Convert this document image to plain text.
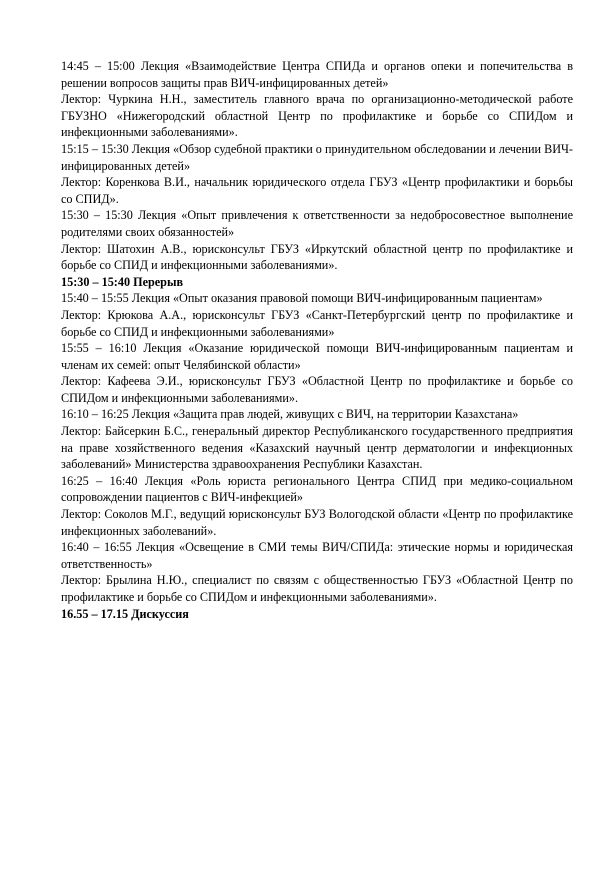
14:45 – 15:00 Лекция «Взаимодействие Центра СПИДа и органов опеки и попечительства в решении вопросов защиты прав ВИЧ-инфицированных детей»

Лектор: Чуркина Н.Н., заместитель главного врача по организационно-методической работе ГБУЗНО «Нижегородский областной Центр по профилактике и борьбе со СПИДом и инфекционными заболеваниями».

15:15 – 15:30 Лекция «Обзор судебной практики о принудительном обследовании и лечении ВИЧ-инфицированных детей»

Лектор: Коренкова В.И., начальник юридического отдела ГБУЗ «Центр профилактики и борьбы со СПИД».

15:30 – 15:30 Лекция «Опыт привлечения к ответственности за недобросовестное выполнение родителями своих обязанностей»

Лектор: Шатохин А.В., юрисконсульт ГБУЗ «Иркутский областной центр по профилактике и борьбе со СПИД и инфекционными заболеваниями».

15:30 – 15:40 Перерыв

15:40 – 15:55 Лекция «Опыт оказания правовой помощи ВИЧ-инфицированным пациентам»

Лектор: Крюкова А.А., юрисконсульт ГБУЗ «Санкт-Петербургский центр по профилактике и борьбе со СПИД и инфекционными заболеваниями»

15:55 – 16:10 Лекция «Оказание юридической помощи ВИЧ-инфицированным пациентам и членам их семей: опыт Челябинской области»

Лектор: Кафеева Э.И., юрисконсульт ГБУЗ «Областной Центр по профилактике и борьбе со СПИДом и инфекционными заболеваниями».

16:10 – 16:25 Лекция «Защита прав людей, живущих с ВИЧ, на территории Казахстана»

Лектор: Байсеркин Б.С., генеральный директор Республиканского государственного предприятия на праве хозяйственного ведения «Казахский научный центр дерматологии и инфекционных заболеваний» Министерства здравоохранения Республики Казахстан.

16:25 – 16:40 Лекция «Роль юриста регионального Центра СПИД при медико-социальном сопровождении пациентов с ВИЧ-инфекцией»

Лектор: Соколов М.Г., ведущий юрисконсульт БУЗ Вологодской области «Центр по профилактике инфекционных заболеваний».

16:40 – 16:55 Лекция «Освещение в СМИ темы ВИЧ/СПИДа: этические нормы и юридическая ответственность»

Лектор: Брылина Н.Ю., специалист по связям с общественностью ГБУЗ «Областной Центр по профилактике и борьбе со СПИДом и инфекционными заболеваниями».

16.55 – 17.15 Дискуссия
